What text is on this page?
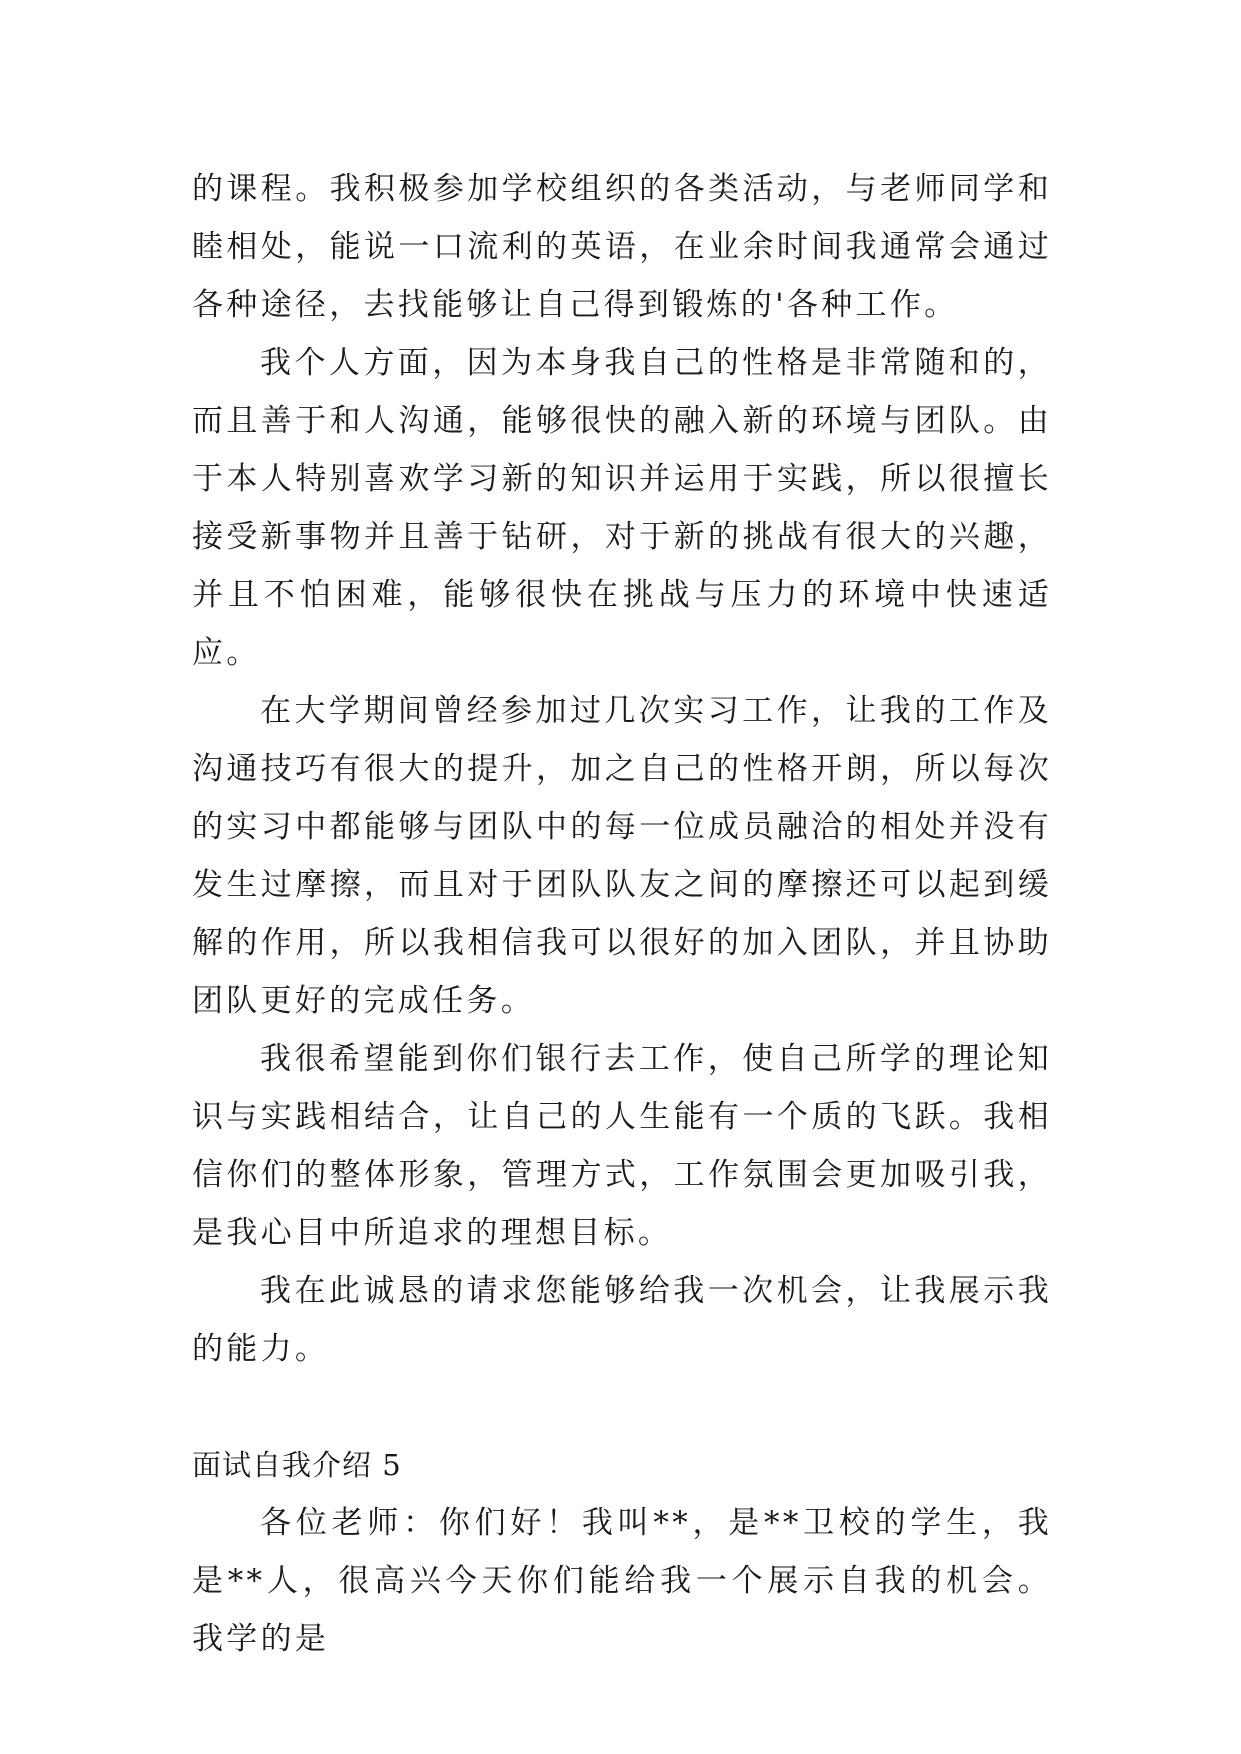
的课程。我积极参加学校组织的各类活动，与老师同学和睦相处，能说一口流利的英语，在业余时间我通常会通过各种途径，去找能够让自己得到锻炼的'各种工作。

我个人方面，因为本身我自己的性格是非常随和的，而且善于和人沟通，能够很快的融入新的环境与团队。由于本人特别喜欢学习新的知识并运用于实践，所以很擅长接受新事物并且善于钻研，对于新的挑战有很大的兴趣，并且不怕困难，能够很快在挑战与压力的环境中快速适应。

在大学期间曾经参加过几次实习工作，让我的工作及沟通技巧有很大的提升，加之自己的性格开朗，所以每次的实习中都能够与团队中的每一位成员融洽的相处并没有发生过摩擦，而且对于团队队友之间的摩擦还可以起到缓解的作用，所以我相信我可以很好的加入团队，并且协助团队更好的完成任务。

我很希望能到你们银行去工作，使自己所学的理论知识与实践相结合，让自己的人生能有一个质的飞跃。我相信你们的整体形象，管理方式，工作氛围会更加吸引我，是我心目中所追求的理想目标。

我在此诚恳的请求您能够给我一次机会，让我展示我的能力。

面试自我介绍 5

各位老师：你们好！我叫**，是**卫校的学生，我是**人，很高兴今天你们能给我一个展示自我的机会。我学的是
